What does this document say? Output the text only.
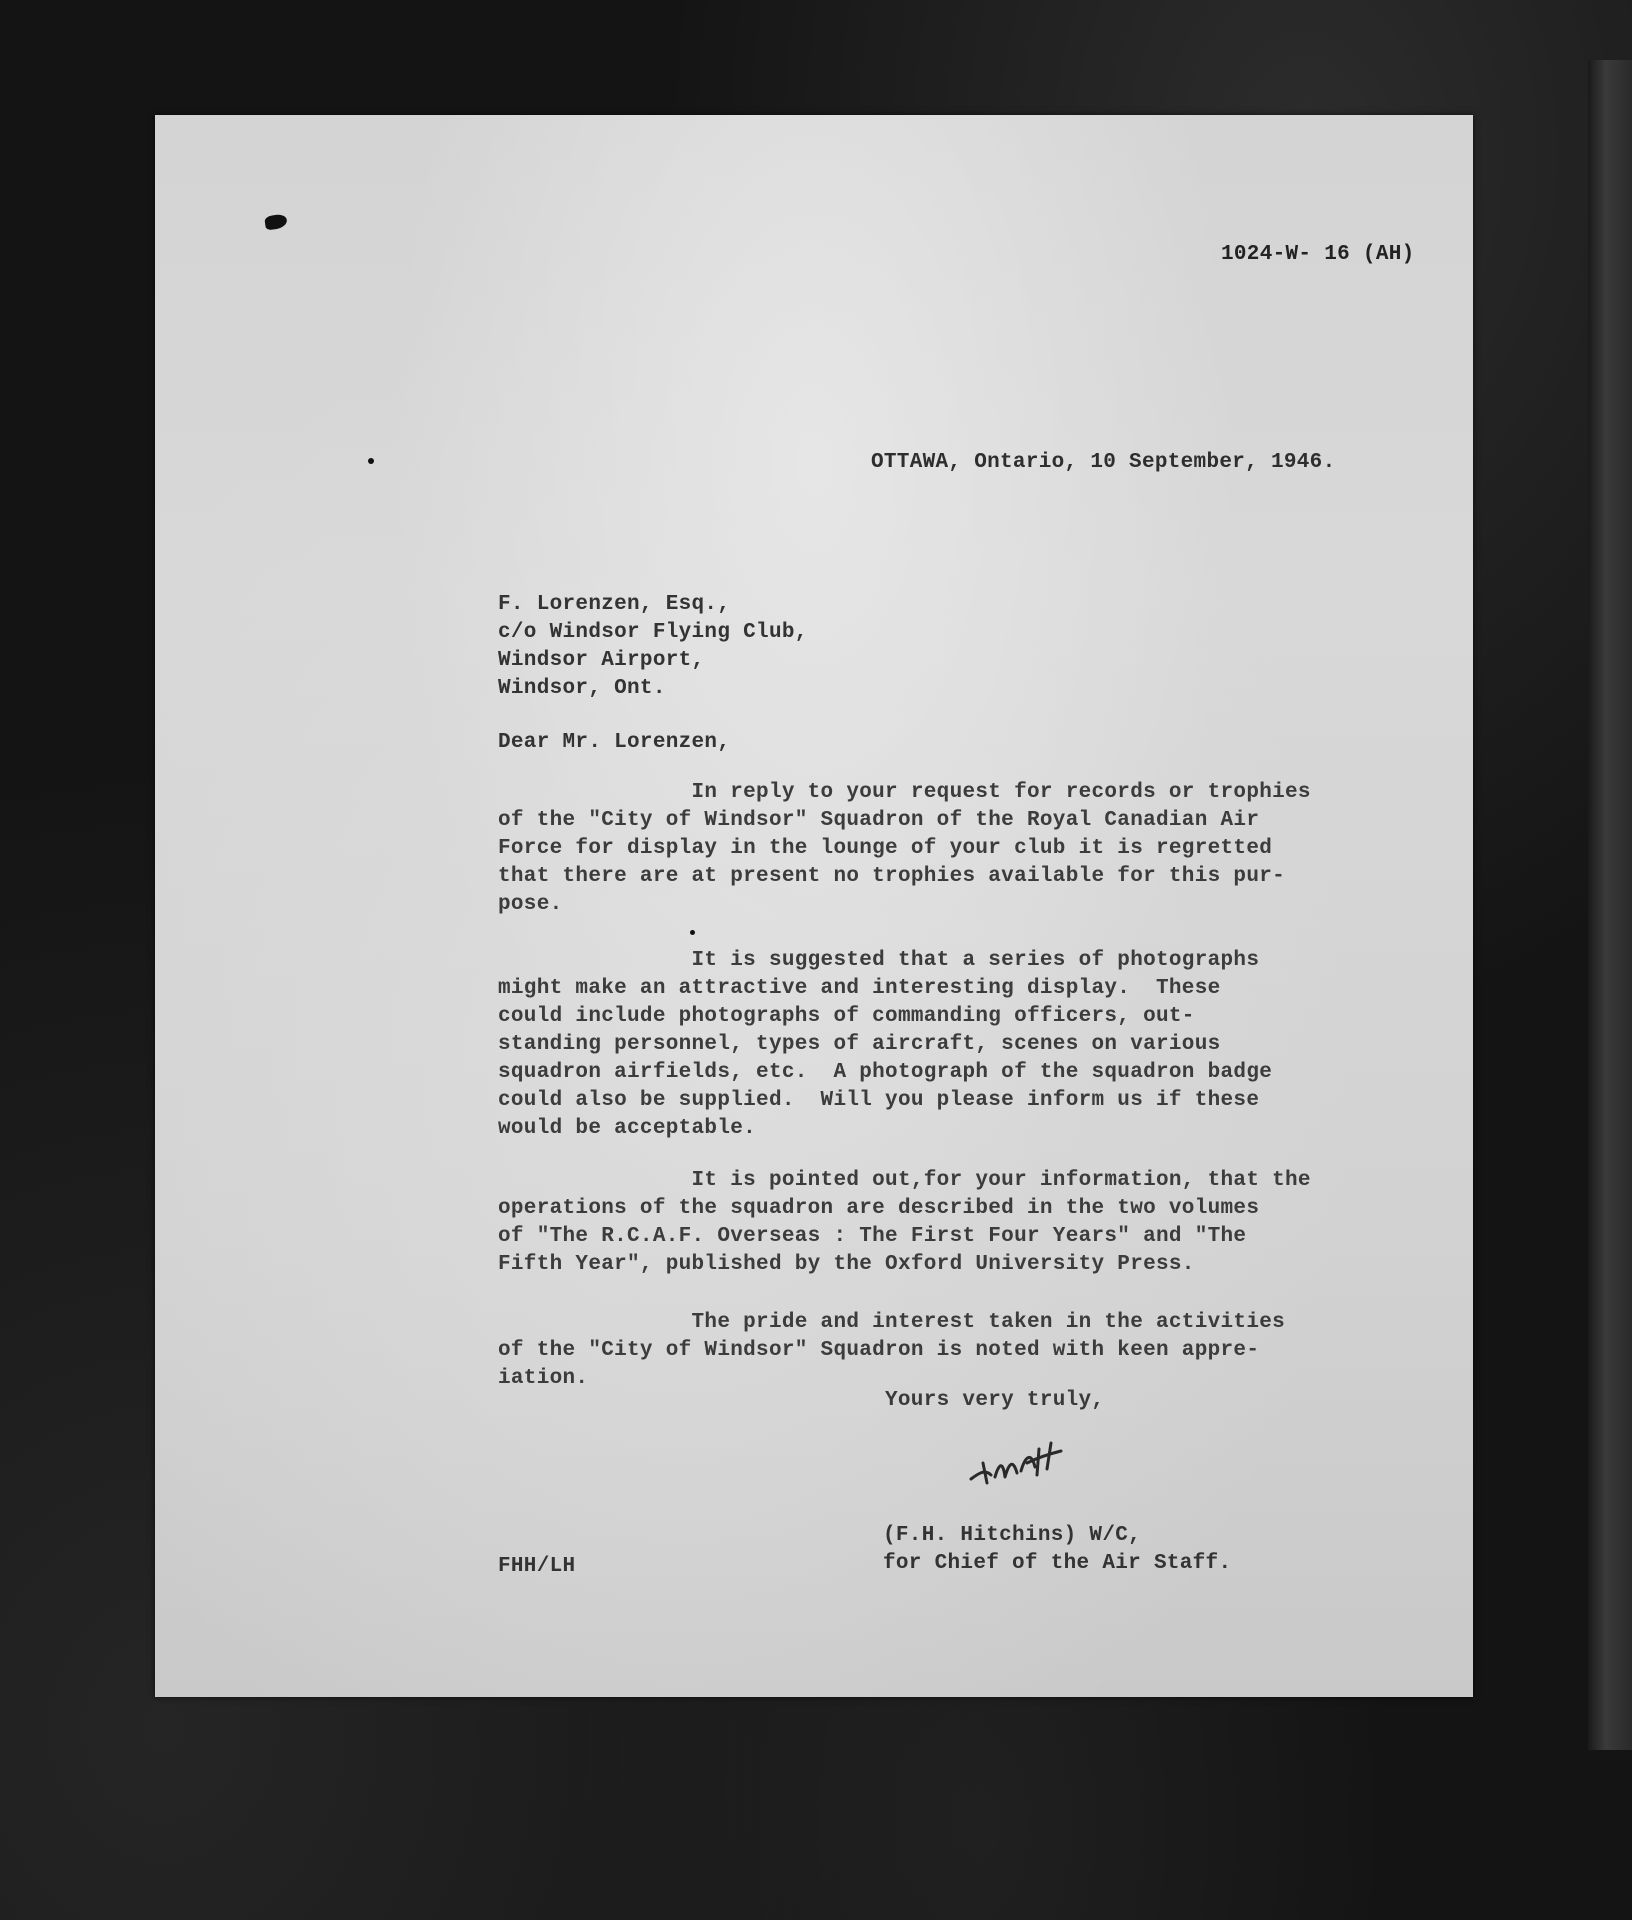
1024-W- 16 (AH)
OTTAWA, Ontario, 10 September, 1946.
F. Lorenzen, Esq.,
c/o Windsor Flying Club,
Windsor Airport,
Windsor, Ont.
Dear Mr. Lorenzen,
In reply to your request for records or trophies
of the "City of Windsor" Squadron of the Royal Canadian Air
Force for display in the lounge of your club it is regretted
that there are at present no trophies available for this pur-
pose.
It is suggested that a series of photographs
might make an attractive and interesting display.  These
could include photographs of commanding officers, out-
standing personnel, types of aircraft, scenes on various
squadron airfields, etc.  A photograph of the squadron badge
could also be supplied.  Will you please inform us if these
would be acceptable.
It is pointed out,for your information, that the
operations of the squadron are described in the two volumes
of "The R.C.A.F. Overseas : The First Four Years" and "The
Fifth Year", published by the Oxford University Press.
The pride and interest taken in the activities
of the "City of Windsor" Squadron is noted with keen appre-
iation.
Yours very truly,
(F.H. Hitchins) W/C,
for Chief of the Air Staff.
FHH/LH
